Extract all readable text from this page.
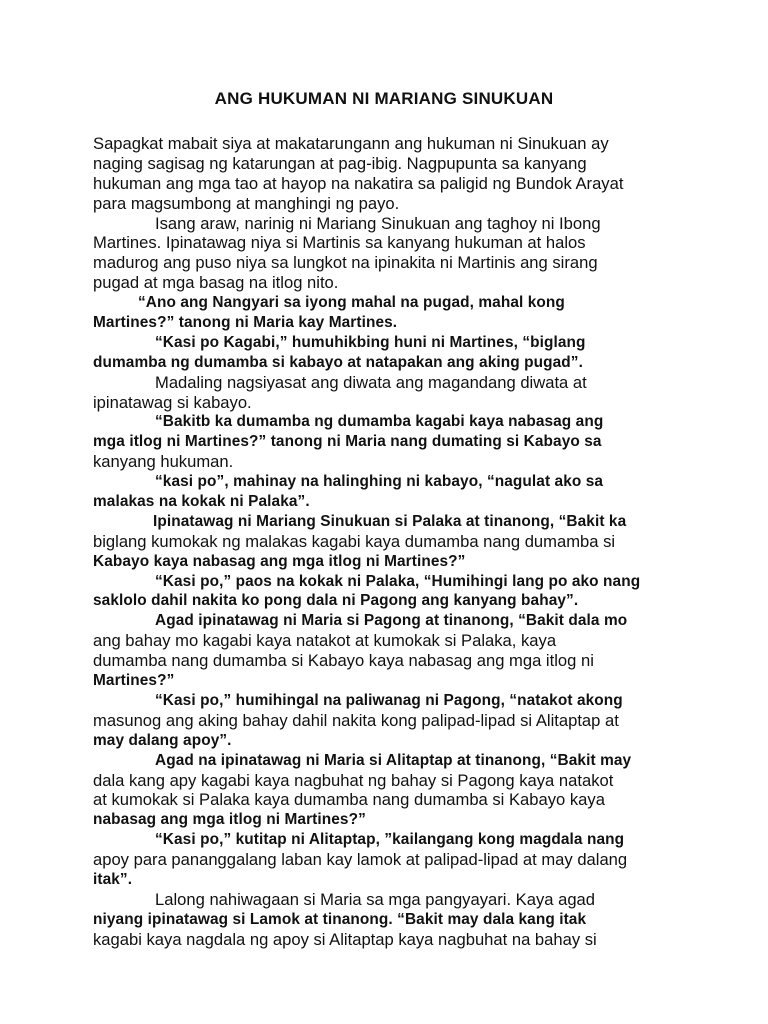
ANG HUKUMAN NI MARIANG SINUKUAN
Sapagkat mabait siya at makatarungann ang hukuman ni Sinukuan ay
naging sagisag ng katarungan at pag-ibig. Nagpupunta sa kanyang
hukuman ang mga tao at hayop na nakatira sa paligid ng Bundok Arayat
para magsumbong at manghingi ng payo.
Isang araw, narinig ni Mariang Sinukuan ang taghoy ni Ibong
Martines. Ipinatawag niya si Martinis sa kanyang hukuman at halos
madurog ang puso niya sa lungkot na ipinakita ni Martinis ang sirang
pugad at mga basag na itlog nito.
“Ano ang Nangyari sa iyong mahal na pugad, mahal kong
Martines?” tanong ni Maria kay Martines.
“Kasi po Kagabi,” humuhikbing huni ni Martines, “biglang
dumamba ng dumamba si kabayo at natapakan ang aking pugad”.
Madaling nagsiyasat ang diwata ang magandang diwata at
ipinatawag si kabayo.
“Bakitb ka dumamba ng dumamba kagabi kaya nabasag ang
mga itlog ni Martines?” tanong ni Maria nang dumating si Kabayo sa
kanyang hukuman.
“kasi po”, mahinay na halinghing ni kabayo, “nagulat ako sa
malakas na kokak ni Palaka”.
Ipinatawag ni Mariang Sinukuan si Palaka at tinanong, “Bakit ka
biglang kumokak ng malakas kagabi kaya dumamba nang dumamba si
Kabayo kaya nabasag ang mga itlog ni Martines?”
“Kasi po,” paos na kokak ni Palaka, “Humihingi lang po ako nang
saklolo dahil nakita ko pong dala ni Pagong ang kanyang bahay”.
Agad ipinatawag ni Maria si Pagong at tinanong, “Bakit dala mo
ang bahay mo kagabi kaya natakot at kumokak si Palaka, kaya
dumamba nang dumamba si Kabayo kaya nabasag ang mga itlog ni
Martines?”
“Kasi po,” humihingal na paliwanag ni Pagong, “natakot akong
masunog ang aking bahay dahil nakita kong palipad-lipad si Alitaptap at
may dalang apoy”.
Agad na ipinatawag ni Maria si Alitaptap at tinanong, “Bakit may
dala kang apy kagabi kaya nagbuhat ng bahay si Pagong kaya natakot
at kumokak si Palaka kaya dumamba nang dumamba si Kabayo kaya
nabasag ang mga itlog ni Martines?”
“Kasi po,” kutitap ni Alitaptap, ”kailangang kong magdala nang
apoy para pananggalang laban kay lamok at palipad-lipad at may dalang
itak”.
Lalong nahiwagaan si Maria sa mga pangyayari. Kaya agad
niyang ipinatawag si Lamok at tinanong. “Bakit may dala kang itak
kagabi kaya nagdala ng apoy si Alitaptap kaya nagbuhat na bahay si
